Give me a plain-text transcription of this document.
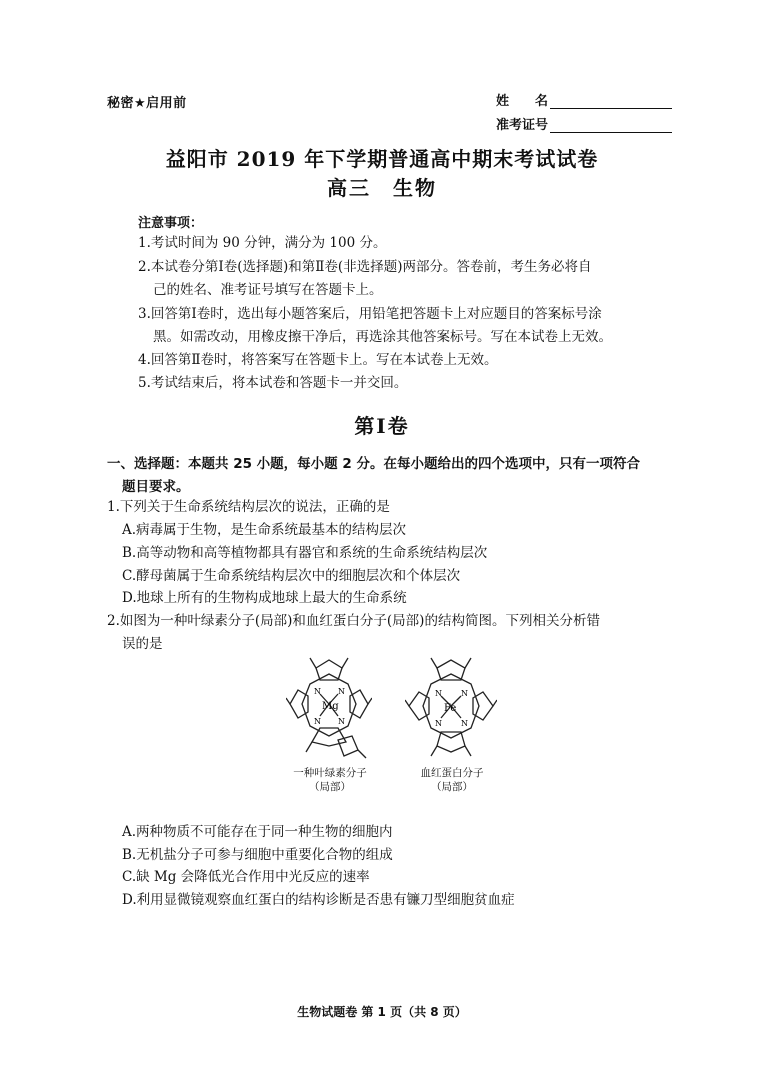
秘密★启用前	姓　　名
准考证号
益阳市 2019 年下学期普通高中期末考试试卷
高三　生物
注意事项：
1.考试时间为 90 分钟，满分为 100 分。
2.本试卷分第Ⅰ卷(选择题)和第Ⅱ卷(非选择题)两部分。答卷前，考生务必将自
己的姓名、准考证号填写在答题卡上。
3.回答第Ⅰ卷时，选出每小题答案后，用铅笔把答题卡上对应题目的答案标号涂
黑。如需改动，用橡皮擦干净后，再选涂其他答案标号。写在本试卷上无效。
4.回答第Ⅱ卷时，将答案写在答题卡上。写在本试卷上无效。
5.考试结束后，将本试卷和答题卡一并交回。
第Ⅰ卷
一、选择题：本题共 25 小题，每小题 2 分。在每小题给出的四个选项中，只有一项符合
题目要求。
1.下列关于生命系统结构层次的说法，正确的是
A.病毒属于生物，是生命系统最基本的结构层次
B.高等动物和高等植物都具有器官和系统的生命系统结构层次
C.酵母菌属于生命系统结构层次中的细胞层次和个体层次
D.地球上所有的生物构成地球上最大的生命系统
2.如图为一种叶绿素分子(局部)和血红蛋白分子(局部)的结构简图。下列相关分析错
误的是
Mg
N N
N N
Fe
N N
N N
一种叶绿素分子
（局部）
血红蛋白分子
（局部）
A.两种物质不可能存在于同一种生物的细胞内
B.无机盐分子可参与细胞中重要化合物的组成
C.缺 Mg 会降低光合作用中光反应的速率
D.利用显微镜观察血红蛋白的结构诊断是否患有镰刀型细胞贫血症
生物试题卷 第 1 页（共 8 页）
